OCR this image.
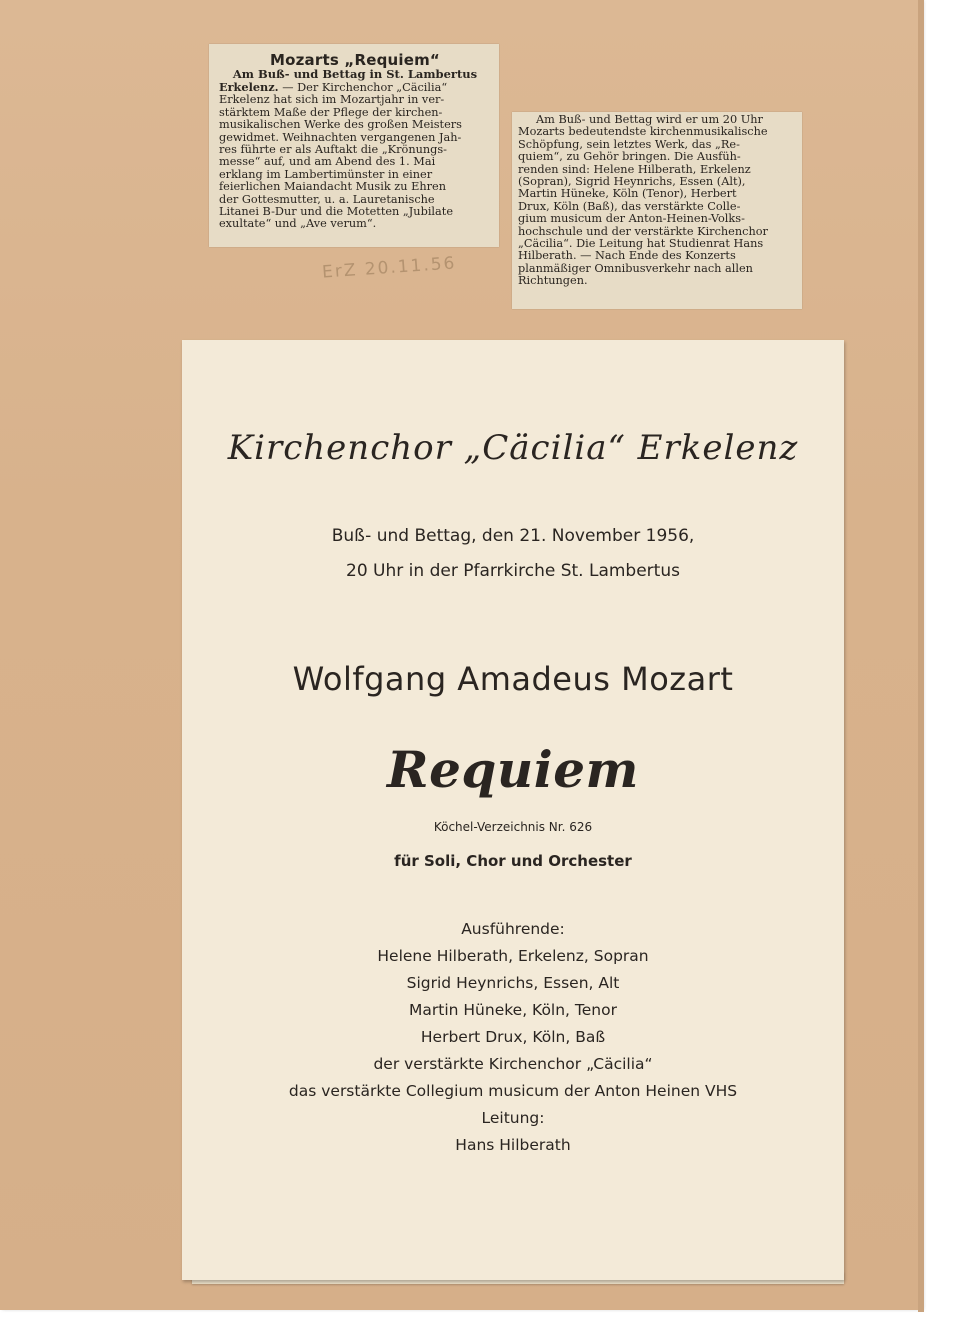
Mozarts „Requiem“
Am Buß- und Bettag in St. Lambertus
Erkelenz. — Der Kirchenchor „Cäcilia“
Erkelenz hat sich im Mozartjahr in ver-
stärktem Maße der Pflege der kirchen-
musikalischen Werke des großen Meisters
gewidmet. Weihnachten vergangenen Jah-
res führte er als Auftakt die „Krönungs-
messe“ auf, und am Abend des 1. Mai
erklang im Lambertimünster in einer
feierlichen Maiandacht Musik zu Ehren
der Gottesmutter, u. a. Lauretanische
Litanei B-Dur und die Motetten „Jubilate
exultate“ und „Ave verum“.
Am Buß- und Bettag wird er um 20 Uhr
Mozarts bedeutendste kirchenmusikalische
Schöpfung, sein letztes Werk, das „Re-
quiem“, zu Gehör bringen. Die Ausfüh-
renden sind: Helene Hilberath, Erkelenz
(Sopran), Sigrid Heynrichs, Essen (Alt),
Martin Hüneke, Köln (Tenor), Herbert
Drux, Köln (Baß), das verstärkte Colle-
gium musicum der Anton-Heinen-Volks-
hochschule und der verstärkte Kirchenchor
„Cäcilia“. Die Leitung hat Studienrat Hans
Hilberath. — Nach Ende des Konzerts
planmäßiger Omnibusverkehr nach allen
Richtungen.
ErZ 20.11.56
Kirchenchor „Cäcilia“ Erkelenz
Buß- und Bettag, den 21. November 1956,
20 Uhr in der Pfarrkirche St. Lambertus
Wolfgang Amadeus Mozart
Requiem
Köchel-Verzeichnis Nr. 626
für Soli, Chor und Orchester
Ausführende:
Helene Hilberath, Erkelenz, Sopran
Sigrid Heynrichs, Essen, Alt
Martin Hüneke, Köln, Tenor
Herbert Drux, Köln, Baß
der verstärkte Kirchenchor „Cäcilia“
das verstärkte Collegium musicum der Anton Heinen VHS
Leitung:
Hans Hilberath
